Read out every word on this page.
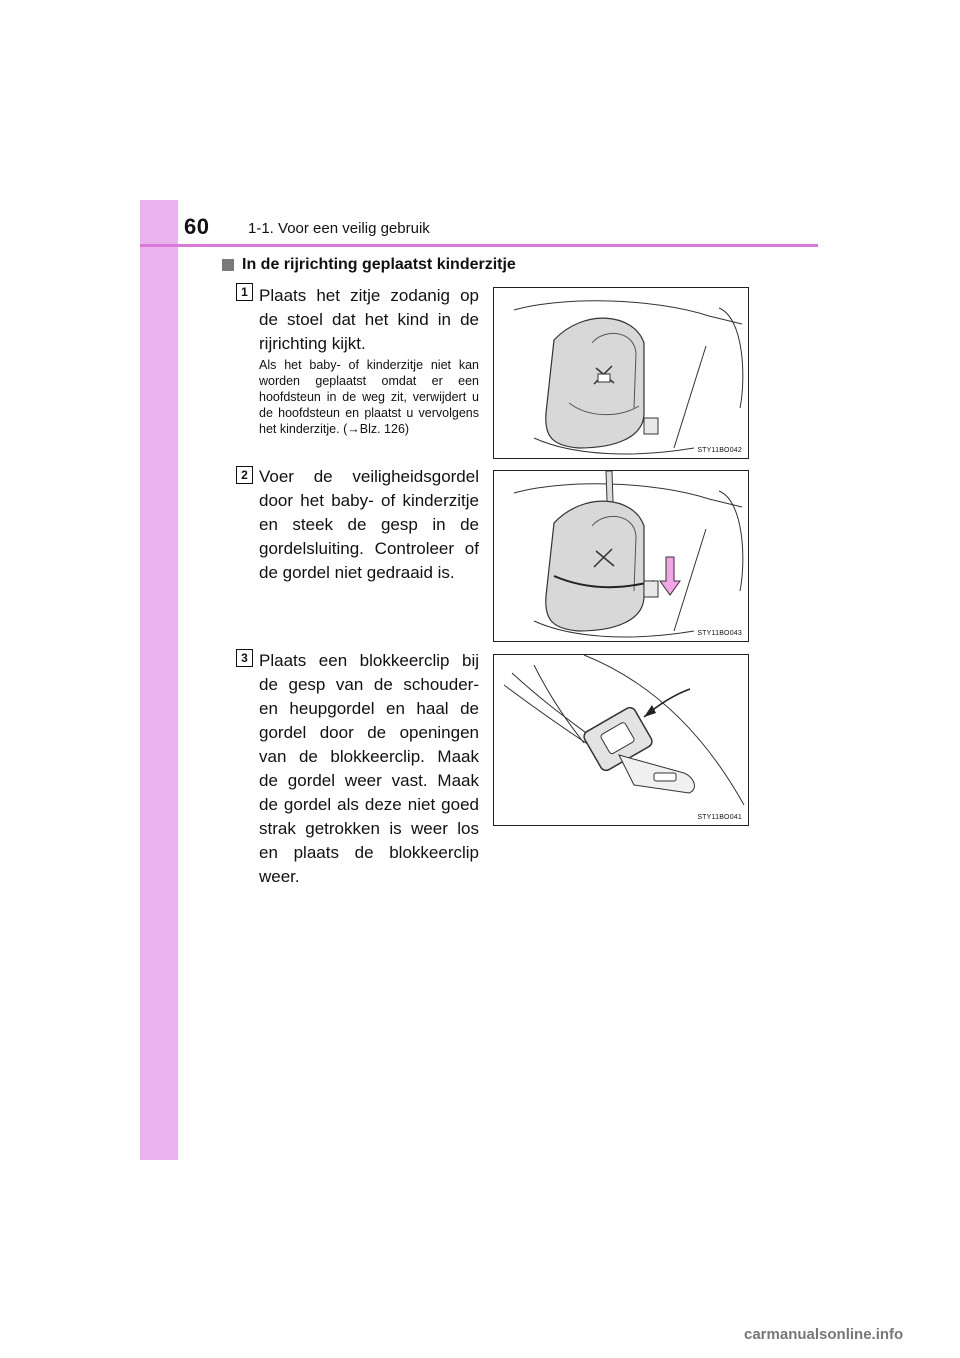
60	1-1. Voor een veilig gebruik
In de rijrichting geplaatst kinderzitje
1 Plaats het zitje zodanig op de stoel dat het kind in de rijrichting kijkt.
Als het baby- of kinderzitje niet kan worden geplaatst omdat er een hoofdsteun in de weg zit, verwijdert u de hoofdsteun en plaatst u vervolgens het kinderzitje. (→Blz. 126)
STY11BO042
2 Voer de veiligheidsgordel door het baby- of kinderzitje en steek de gesp in de gordelsluiting. Controleer of de gordel niet gedraaid is.
STY11BO043
3 Plaats een blokkeerclip bij de gesp van de schouder- en heupgordel en haal de gordel door de openingen van de blokkeerclip. Maak de gordel weer vast. Maak de gordel als deze niet goed strak getrokken is weer los en plaats de blokkeerclip weer.
STY11BO041
carmanualsonline.info
